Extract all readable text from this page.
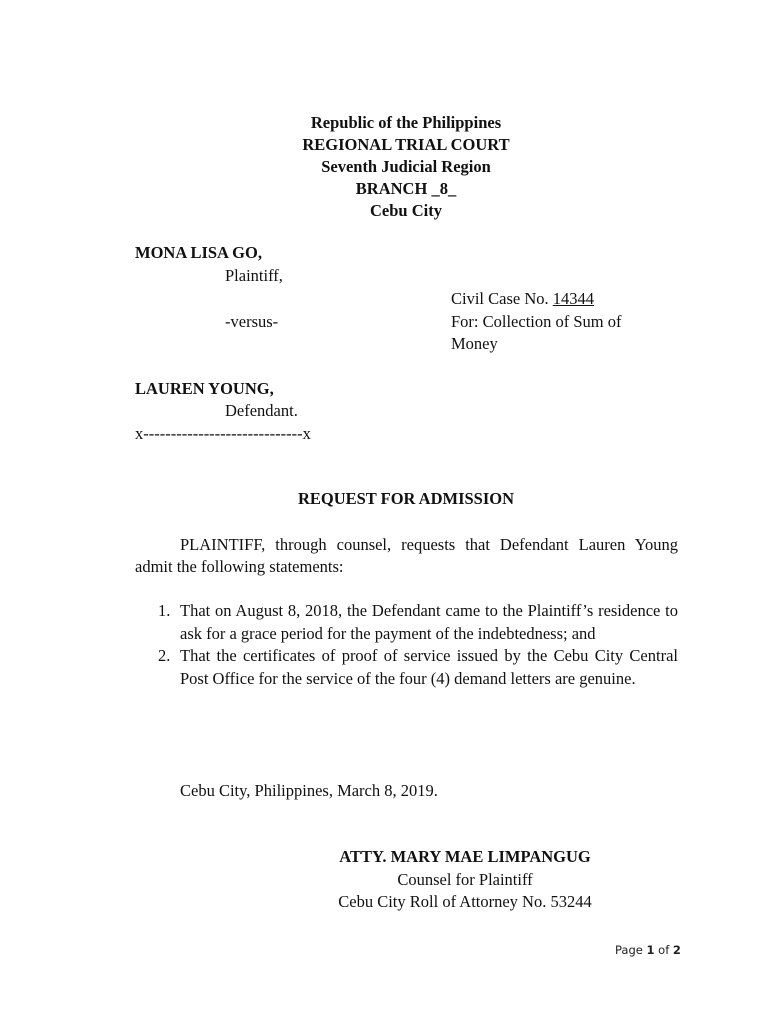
Republic of the Philippines
REGIONAL TRIAL COURT
Seventh Judicial Region
BRANCH _8_
Cebu City
MONA LISA GO,
Plaintiff,
Civil Case No. 14344
-versus-	For: Collection of Sum of
Money
LAUREN YOUNG,
Defendant.
x-----------------------------x
REQUEST FOR ADMISSION
PLAINTIFF, through counsel, requests that Defendant Lauren Young admit the following statements:
1. That on August 8, 2018, the Defendant came to the Plaintiff’s residence to ask for a grace period for the payment of the indebtedness; and
2. That the certificates of proof of service issued by the Cebu City Central Post Office for the service of the four (4) demand letters are genuine.
Cebu City, Philippines, March 8, 2019.
ATTY. MARY MAE LIMPANGUG
Counsel for Plaintiff
Cebu City Roll of Attorney No. 53244
Page 1 of 2
